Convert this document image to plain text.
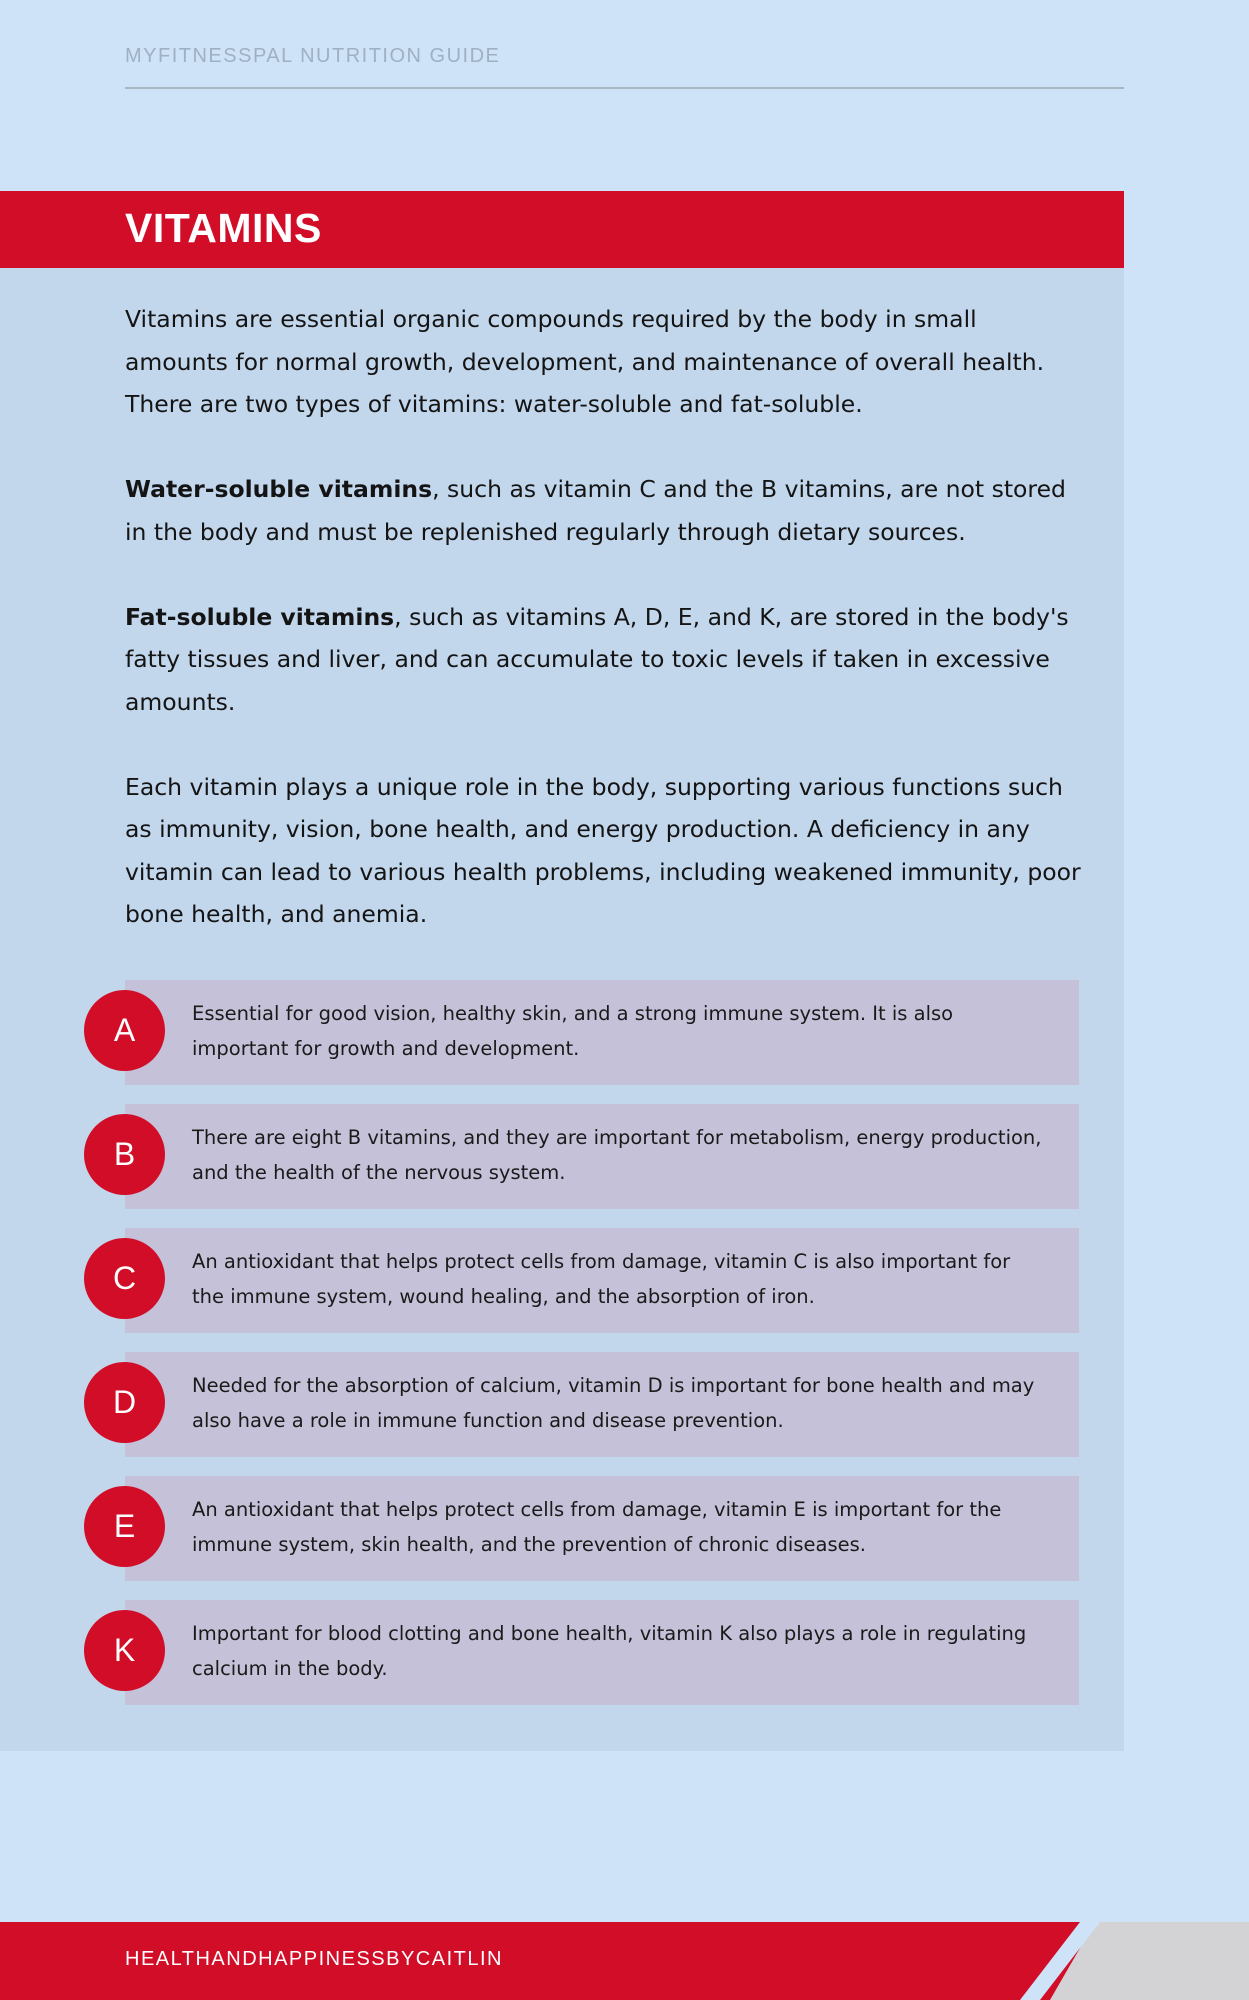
MYFITNESSPAL NUTRITION GUIDE
VITAMINS

Vitamins are essential organic compounds required by the body in small amounts for normal growth, development, and maintenance of overall health. There are two types of vitamins: water-soluble and fat-soluble.

Water-soluble vitamins, such as vitamin C and the B vitamins, are not stored in the body and must be replenished regularly through dietary sources.

Fat-soluble vitamins, such as vitamins A, D, E, and K, are stored in the body's fatty tissues and liver, and can accumulate to toxic levels if taken in excessive amounts.

Each vitamin plays a unique role in the body, supporting various functions such as immunity, vision, bone health, and energy production. A deficiency in any vitamin can lead to various health problems, including weakened immunity, poor bone health, and anemia.

Essential for good vision, healthy skin, and a strong immune system. It is also important for growth and development.
A
There are eight B vitamins, and they are important for metabolism, energy production, and the health of the nervous system.
B
An antioxidant that helps protect cells from damage, vitamin C is also important for the immune system, wound healing, and the absorption of iron.
C
Needed for the absorption of calcium, vitamin D is important for bone health and may also have a role in immune function and disease prevention.
D
An antioxidant that helps protect cells from damage, vitamin E is important for the immune system, skin health, and the prevention of chronic diseases.
E
Important for blood clotting and bone health, vitamin K also plays a role in regulating calcium in the body.
K
HEALTHANDHAPPINESSBYCAITLIN
